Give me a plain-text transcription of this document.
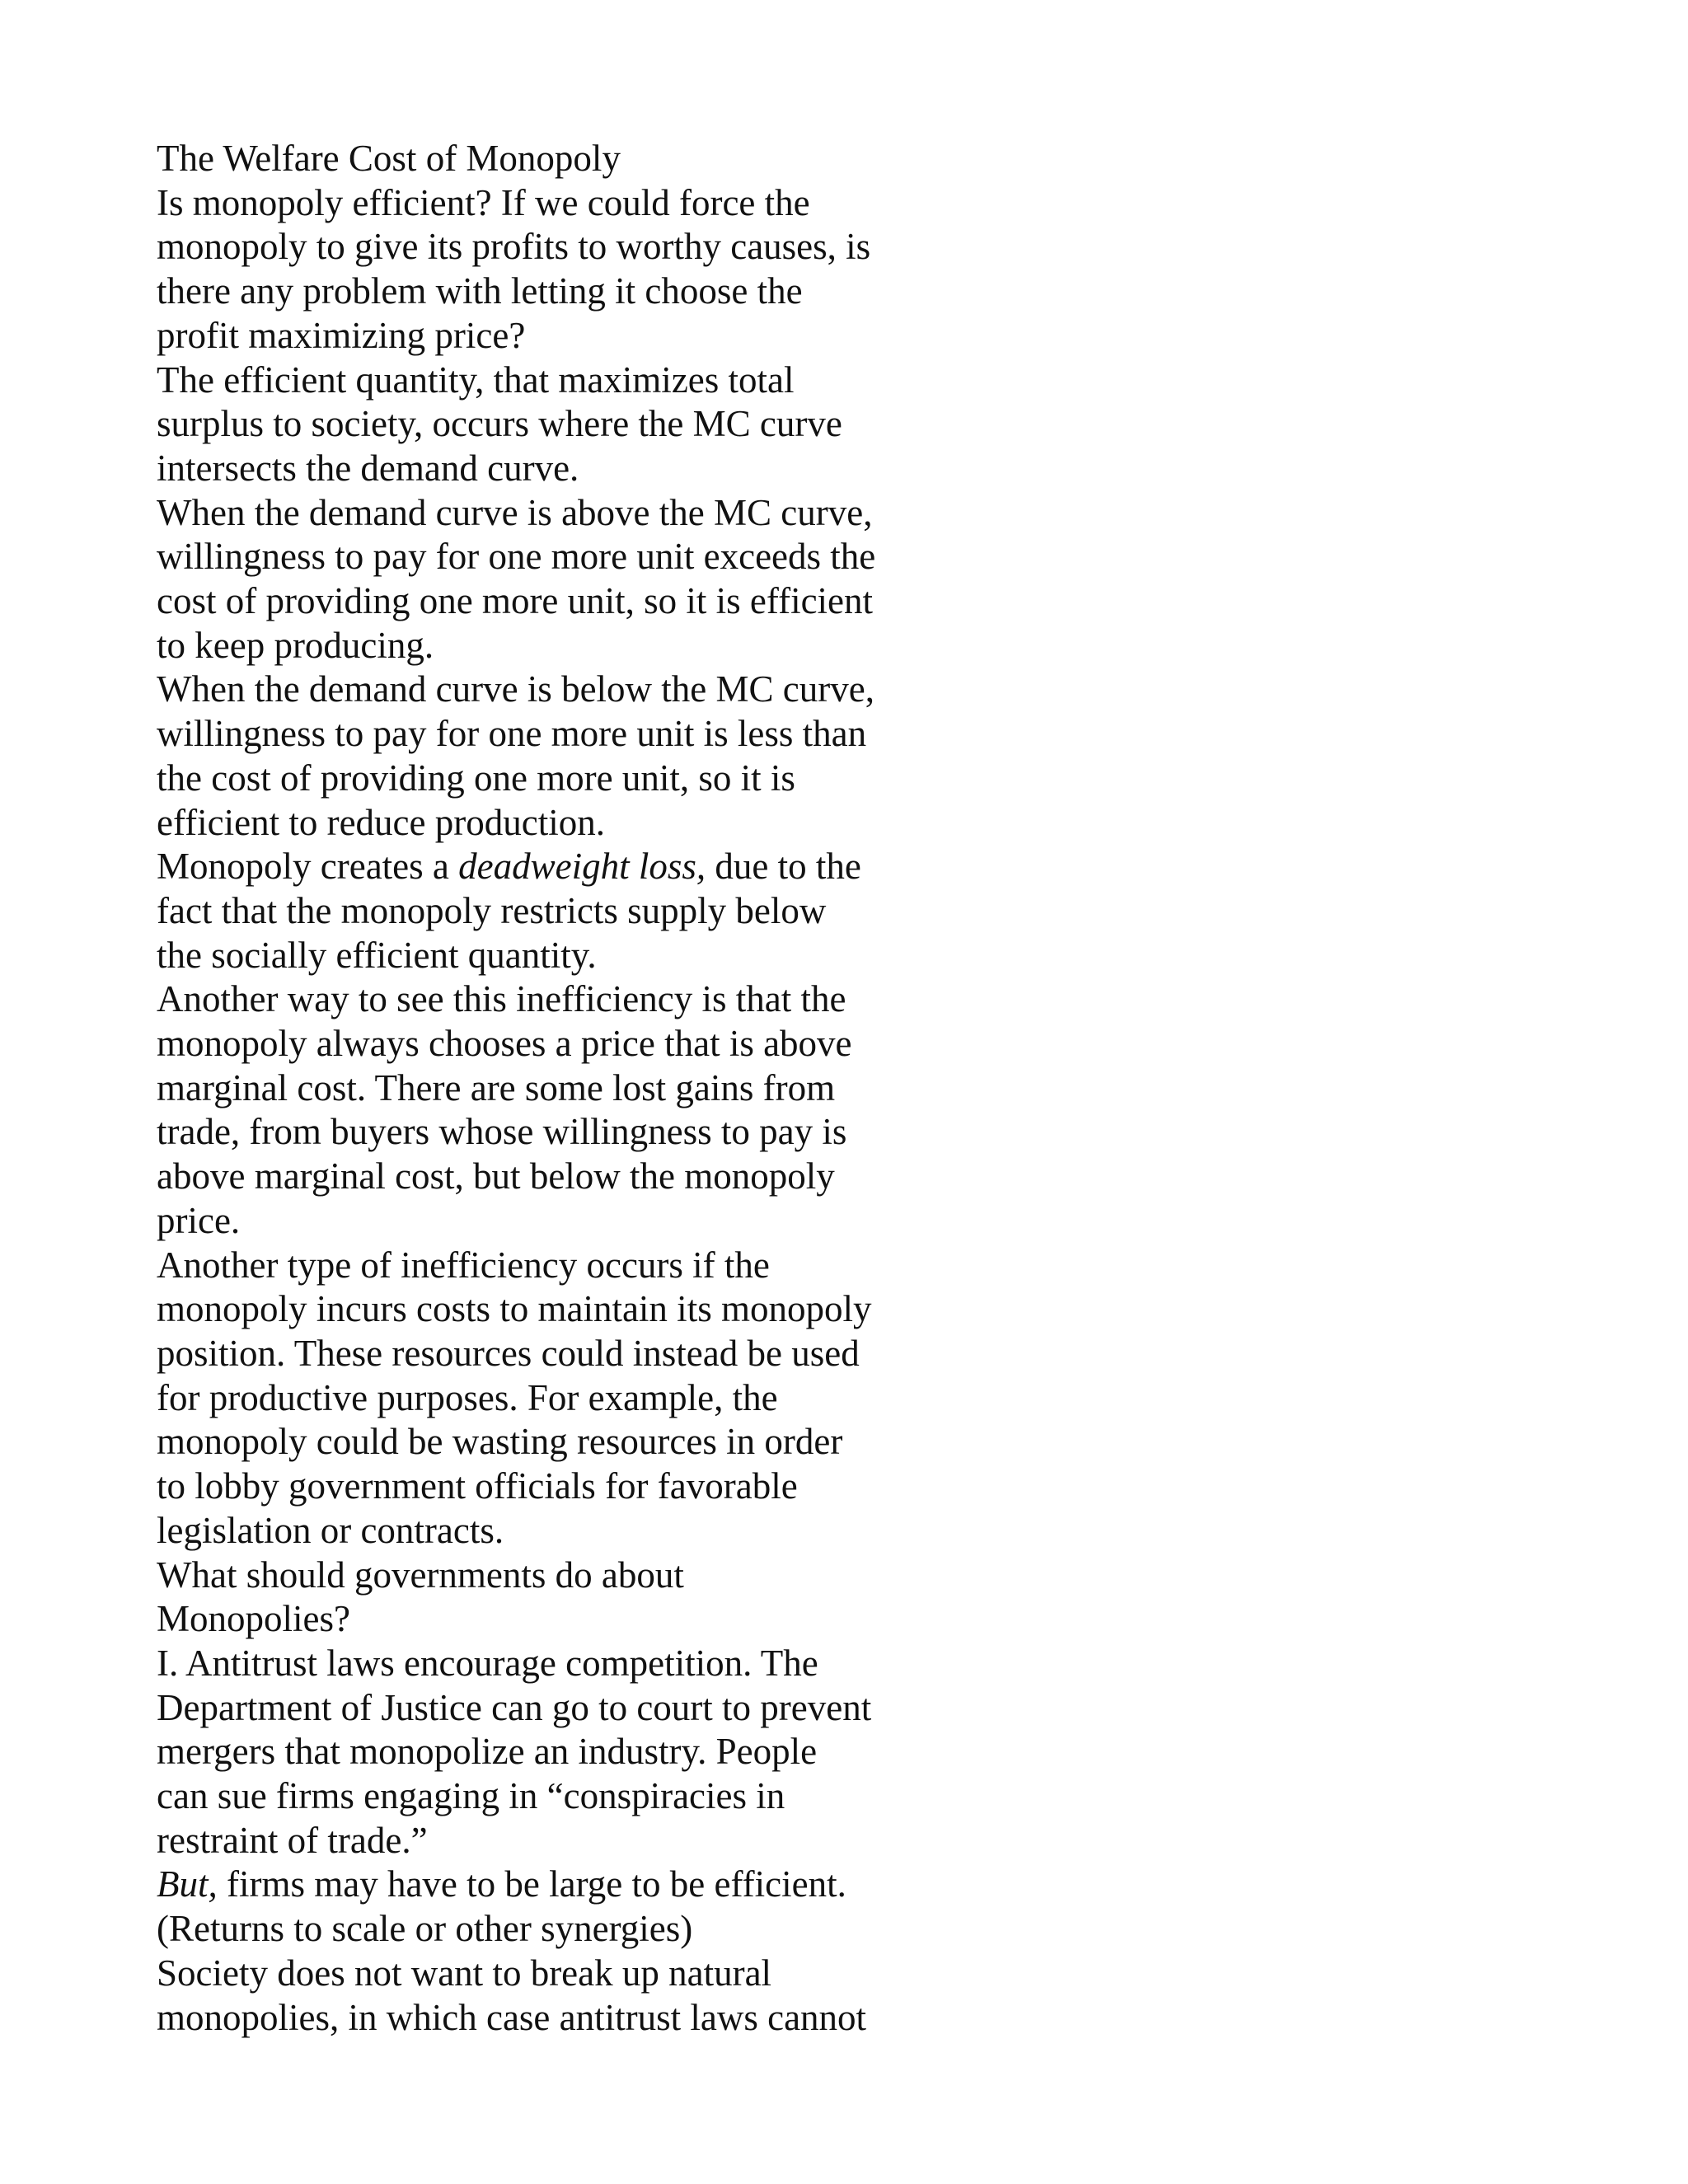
The Welfare Cost of Monopoly
Is monopoly efficient? If we could force the
monopoly to give its profits to worthy causes, is
there any problem with letting it choose the
profit maximizing price?
The efficient quantity, that maximizes total
surplus to society, occurs where the MC curve
intersects the demand curve.
When the demand curve is above the MC curve,
willingness to pay for one more unit exceeds the
cost of providing one more unit, so it is efficient
to keep producing.
When the demand curve is below the MC curve,
willingness to pay for one more unit is less than
the cost of providing one more unit, so it is
efficient to reduce production.
Monopoly creates a deadweight loss, due to the
fact that the monopoly restricts supply below
the socially efficient quantity.
Another way to see this inefficiency is that the
monopoly always chooses a price that is above
marginal cost. There are some lost gains from
trade, from buyers whose willingness to pay is
above marginal cost, but below the monopoly
price.
Another type of inefficiency occurs if the
monopoly incurs costs to maintain its monopoly
position. These resources could instead be used
for productive purposes. For example, the
monopoly could be wasting resources in order
to lobby government officials for favorable
legislation or contracts.
What should governments do about
Monopolies?
I. Antitrust laws encourage competition. The
Department of Justice can go to court to prevent
mergers that monopolize an industry. People
can sue firms engaging in “conspiracies in
restraint of trade.”
But, firms may have to be large to be efficient.
(Returns to scale or other synergies)
Society does not want to break up natural
monopolies, in which case antitrust laws cannot
